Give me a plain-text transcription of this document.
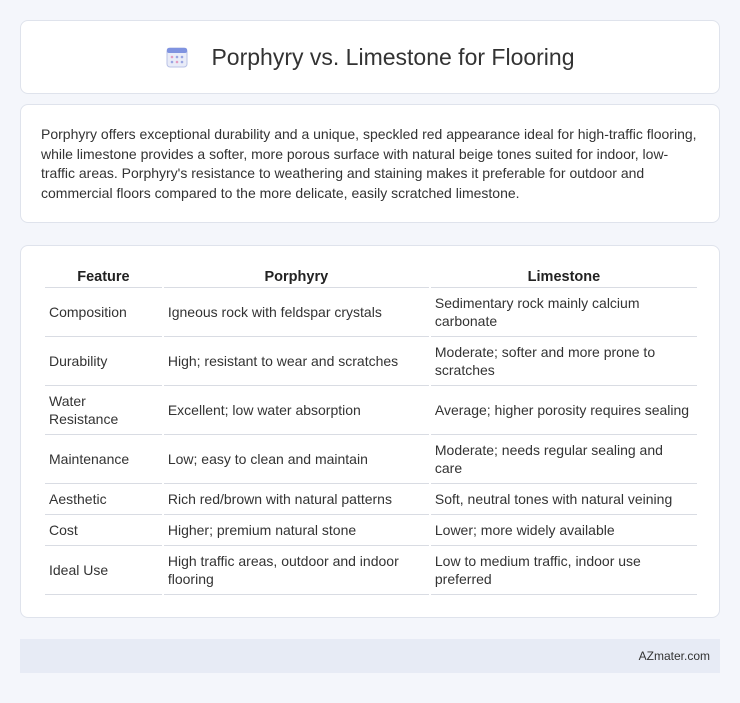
Porphyry vs. Limestone for Flooring

Porphyry offers exceptional durability and a unique, speckled red appearance ideal for high-traffic flooring, while limestone provides a softer, more porous surface with natural beige tones suited for indoor, low-traffic areas. Porphyry's resistance to weathering and staining makes it preferable for outdoor and commercial floors compared to the more delicate, easily scratched limestone.

Feature	Porphyry	Limestone
Composition	Igneous rock with feldspar crystals	Sedimentary rock mainly calcium carbonate
Durability	High; resistant to wear and scratches	Moderate; softer and more prone to scratches
Water Resistance	Excellent; low water absorption	Average; higher porosity requires sealing
Maintenance	Low; easy to clean and maintain	Moderate; needs regular sealing and care
Aesthetic	Rich red/brown with natural patterns	Soft, neutral tones with natural veining
Cost	Higher; premium natural stone	Lower; more widely available
Ideal Use	High traffic areas, outdoor and indoor flooring	Low to medium traffic, indoor use preferred
AZmater.com
